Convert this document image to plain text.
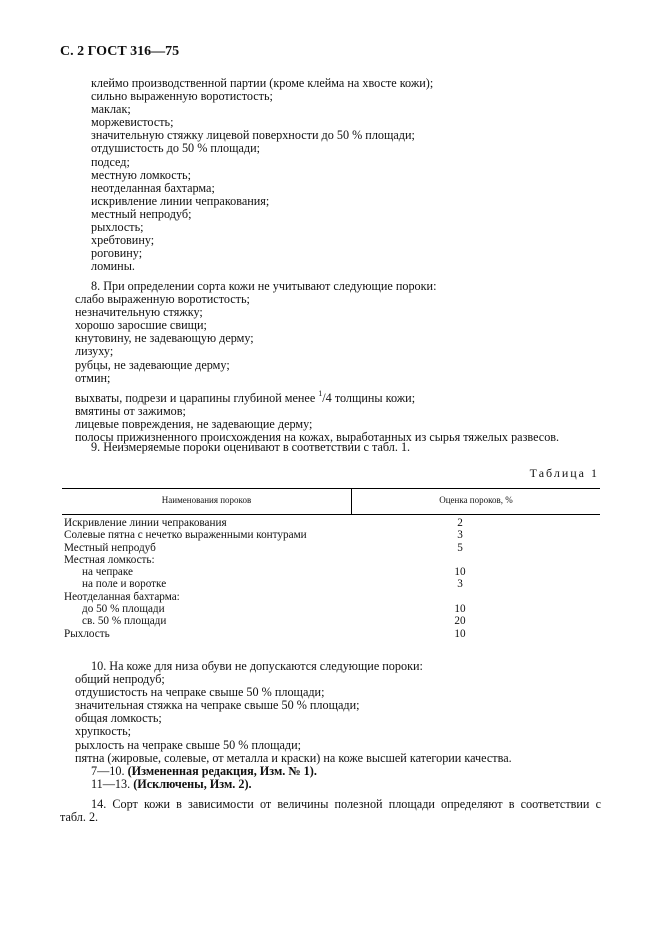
С. 2 ГОСТ 316—75
клеймо производственной партии (кроме клейма на хвосте кожи);
сильно выраженную воротистость;
маклак;
моржевистость;
значительную стяжку лицевой поверхности до 50 % площади;
отдушистость до 50 % площади;
подсед;
местную ломкость;
неотделанная бахтарма;
искривление линии чепракования;
местный непродуб;
рыхлость;
хребтовину;
роговину;
ломины.
8. При определении сорта кожи не учитывают следующие пороки:
слабо выраженную воротистость;
незначительную стяжку;
хорошо заросшие свищи;
кнутовину, не задевающую дерму;
лизуху;
рубцы, не задевающие дерму;
отмин;
выхваты, подрези и царапины глубиной менее $^1$/4 толщины кожи;
вмятины от зажимов;
лицевые повреждения, не задевающие дерму;
полосы прижизненного происхождения на кожах, выработанных из сырья тяжелых развесов.
9. Неизмеряемые пороки оценивают в соответствии с табл. 1.
Таблица 1
Наименования пороков	Оценка пороков, %
Искривление линии чепракования	2
Солевые пятна с нечетко выраженными контурами	3
Местный непродуб	5
Местная ломкость:
на чепраке	10
на поле и воротке	3
Неотделанная бахтарма:
до 50 % площади	10
св. 50 % площади	20
Рыхлость	10
10. На коже для низа обуви не допускаются следующие пороки:
общий непродуб;
отдушистость на чепраке свыше 50 % площади;
значительная стяжка на чепраке свыше 50 % площади;
общая ломкость;
хрупкость;
рыхлость на чепраке свыше 50 % площади;
пятна (жировые, солевые, от металла и краски) на коже высшей категории качества.
7—10. (Измененная редакция, Изм. № 1).
11—13. (Исключены, Изм. 2).
14. Сорт кожи в зависимости от величины полезной площади определяют в соответствии с
табл. 2.
